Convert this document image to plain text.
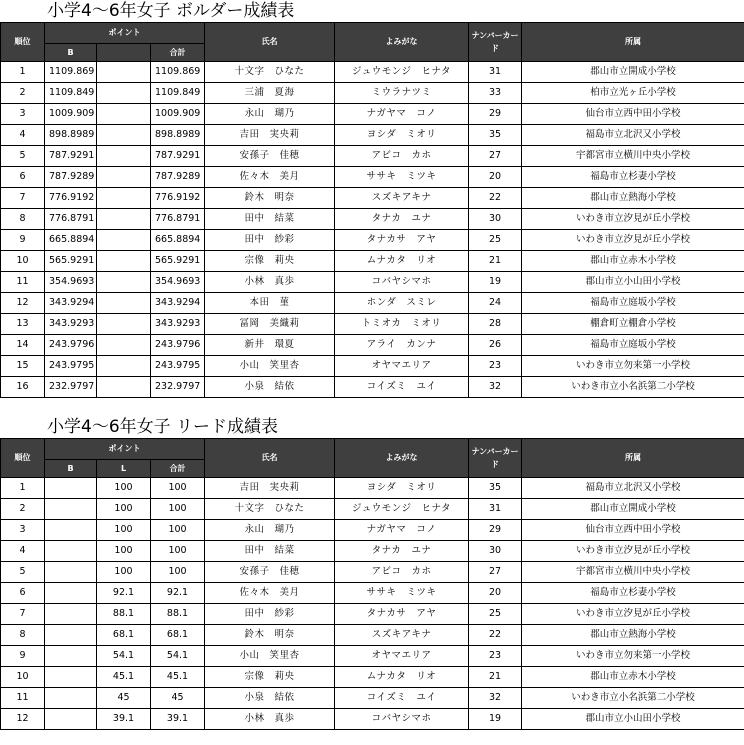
小学4～6年女子 ボルダー成績表
順位	ポイント			氏名	よみがな	ナンバーカード	所属
	B		合計				
1	1109.869		1109.869	十文字　ひなた	ジュウモンジ　ヒナタ	31	郡山市立開成小学校
2	1109.849		1109.849	三浦　夏海	ミウラナツミ	33	柏市立光ヶ丘小学校
3	1009.909		1009.909	永山　瑚乃	ナガヤマ　コノ	29	仙台市立西中田小学校
4	898.8989		898.8989	吉田　実央莉	ヨシダ　ミオリ	35	福島市立北沢又小学校
5	787.9291		787.9291	安孫子　佳穂	アビコ　カホ	27	宇都宮市立横川中央小学校
6	787.9289		787.9289	佐々木　美月	ササキ　ミツキ	20	福島市立杉妻小学校
7	776.9192		776.9192	鈴木　明奈	スズキアキナ	22	郡山市立熱海小学校
8	776.8791		776.8791	田中　結菜	タナカ　ユナ	30	いわき市立汐見が丘小学校
9	665.8894		665.8894	田中　紗彩	タナカサ　アヤ	25	いわき市立汐見が丘小学校
10	565.9291		565.9291	宗像　莉央	ムナカタ　リオ	21	郡山市立赤木小学校
11	354.9693		354.9693	小林　真歩	コバヤシマホ	19	郡山市立小山田小学校
12	343.9294		343.9294	本田　菫	ホンダ　スミレ	24	福島市立庭坂小学校
13	343.9293		343.9293	冨岡　美織莉	トミオカ　ミオリ	28	棚倉町立棚倉小学校
14	243.9796		243.9796	新井　環夏	アライ　カンナ	26	福島市立庭坂小学校
15	243.9795		243.9795	小山　笑里杏	オヤマエリア	23	いわき市立勿来第一小学校
16	232.9797		232.9797	小泉　結依	コイズミ　ユイ	32	いわき市立小名浜第二小学校
小学4～6年女子 リード成績表
順位	ポイント			氏名	よみがな	ナンバーカード	所属
	B	L	合計				
1		100	100	吉田　実央莉	ヨシダ　ミオリ	35	福島市立北沢又小学校
2		100	100	十文字　ひなた	ジュウモンジ　ヒナタ	31	郡山市立開成小学校
3		100	100	永山　瑚乃	ナガヤマ　コノ	29	仙台市立西中田小学校
4		100	100	田中　結菜	タナカ　ユナ	30	いわき市立汐見が丘小学校
5		100	100	安孫子　佳穂	アビコ　カホ	27	宇都宮市立横川中央小学校
6		92.1	92.1	佐々木　美月	ササキ　ミツキ	20	福島市立杉妻小学校
7		88.1	88.1	田中　紗彩	タナカサ　アヤ	25	いわき市立汐見が丘小学校
8		68.1	68.1	鈴木　明奈	スズキアキナ	22	郡山市立熱海小学校
9		54.1	54.1	小山　笑里杏	オヤマエリア	23	いわき市立勿来第一小学校
10		45.1	45.1	宗像　莉央	ムナカタ　リオ	21	郡山市立赤木小学校
11		45	45	小泉　結依	コイズミ　ユイ	32	いわき市立小名浜第二小学校
12		39.1	39.1	小林　真歩	コバヤシマホ	19	郡山市立小山田小学校
